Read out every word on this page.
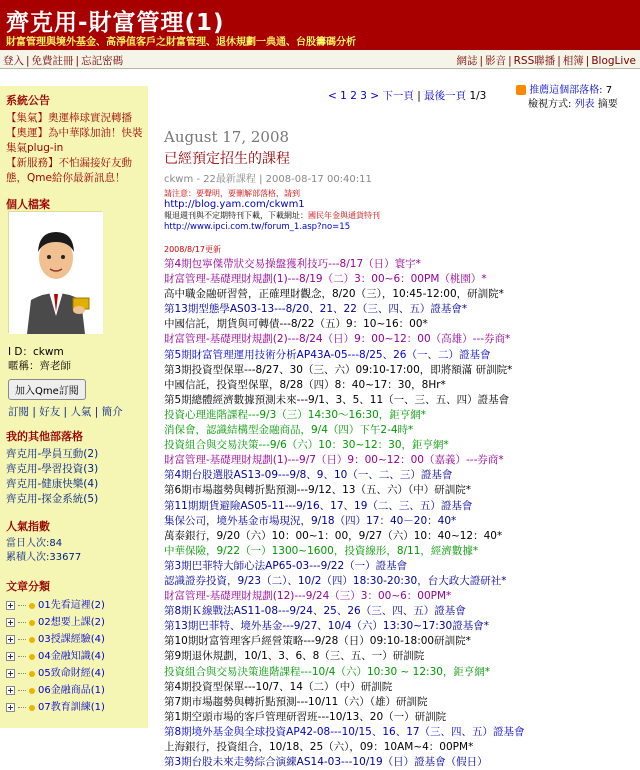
齊克用-財富管理(1)
財富管理與境外基金、高淨值客戶之財富管理、退休規劃一典通、台股籌碼分析
登入 | 免費註冊 | 忘記密碼	網誌 | 影音 | RSS聯播 | 相簿 | BlogLive
系統公告
【集氣】奧運棒球實況轉播
【奧運】為中華隊加油！快裝集氣plug-in
【新服務】不怕漏接好友動態，Qme給你最新訊息！
個人檔案
I D：ckwm
暱稱：齊老師
加入Qme訂閱
訂閱 | 好友 | 人氣 | 簡介
我的其他部落格
齊克用-學員互動(2)
齊克用-學習投資(3)
齊克用-健康快樂(4)
齊克用-探金系統(5)
人氣指數
當日人次:84
累積人次:33677
文章分類
01先看這裡(2)
02想要上課(2)
03授課經驗(4)
04金融知識(4)
05致命財經(4)
06金融商品(1)
07教育訓練(1)
< 1 2 3 > 下一頁 | 最後一頁 1/3	推薦這個部落格: 7
檢視方式: 列表 摘要
August 17, 2008
已經預定招生的課程
ckwm - 22最新課程 | 2008-08-17 00:40:11
請注意：要聲明，要刪解部落格，請到
http://blog.yam.com/ckwm1
報退週刊與不定期特刊下載，下載網址：國民年金與通貨特刊
http://www.ipci.com.tw/forum_1.asp?no=15
2008/8/17更新
第4期包寧傑帶狀交易操盤獲利技巧---8/17（日）寰宇*
財富管理-基礎理財規劃(1)---8/19（二）3：00~6：00PM（桃園）*
高中職金融研習營，正確理財觀念，8/20（三），10:45-12:00，研訓院*
第13期型態學AS03-13---8/20、21、22（三、四、五）證基會*
中國信託，期貨與可轉債---8/22（五）9：10~16：00*
財富管理-基礎理財規劃(2)---8/24（日）9：00~12：00（高雄）---券商*
第5期財富管理運用技術分析AP43A-05---8/25、26（一、二）證基會
第3期投資型保單---8/27、30（三、六）09:10-17:00，即將額滿 研訓院*
中國信託，投資型保單，8/28（四）8：40~17：30，8Hr*
第5期總體經濟數據預測未來---9/1、3、5、11（一、三、五、四）證基會
投資心理進階課程---9/3（三）14:30～16:30，鉅亨網*
消保會，認識結構型金融商品，9/4（四）下午2-4時*
投資組合與交易決策---9/6（六）10：30~12：30，鉅亨網*
財富管理-基礎理財規劃(1)---9/7（日）9：00~12：00（嘉義）---券商*
第4期台股選股AS13-09---9/8、9、10（一、二、三）證基會
第6期市場趨勢與轉折點預測---9/12、13（五、六）（中）研訓院*
第11期期貨避險AS05-11---9/16、17、19（二、三、五）證基會
集保公司，境外基金市場現況，9/18（四）17：40－20：40*
萬泰銀行，9/20（六）10：00~1：00，9/27（六）10：40~12：40*
中華保險，9/22（一）1300~1600，投資線形，8/11，經濟數據*
第3期巴菲特大師心法AP65-03---9/22（一）證基會
認識證券投資，9/23（二）、10/2（四）18:30-20:30，台大政大證研社*
財富管理-基礎理財規劃(12)---9/24（三）3：00~6：00PM*
第8期Ｋ線戰法AS11-08---9/24、25、26（三、四、五）證基會
第13期巴菲特、境外基金---9/27、10/4（六）13:30~17:30證基會*
第10期財富管理客戶經營策略---9/28（日）09:10-18:00研訓院*
第9期退休規劃，10/1、3、6、8（三、五、一）研訓院
投資組合與交易決策進階課程---10/4（六）10:30 ~ 12:30，鉅亨網*
第4期投資型保單---10/7、14（二）（中）研訓院
第7期市場趨勢與轉折點預測---10/11（六）（雄）研訓院
第1期空頭市場的客戶管理研習班---10/13、20（一）研訓院
第8期境外基金與全球投資AP42-08---10/15、16、17（三、四、五）證基會
上海銀行，投資組合，10/18、25（六），09：10AM~4：00PM*
第3期台股未來走勢綜合演練AS14-03---10/19（日）證基會（假日）
